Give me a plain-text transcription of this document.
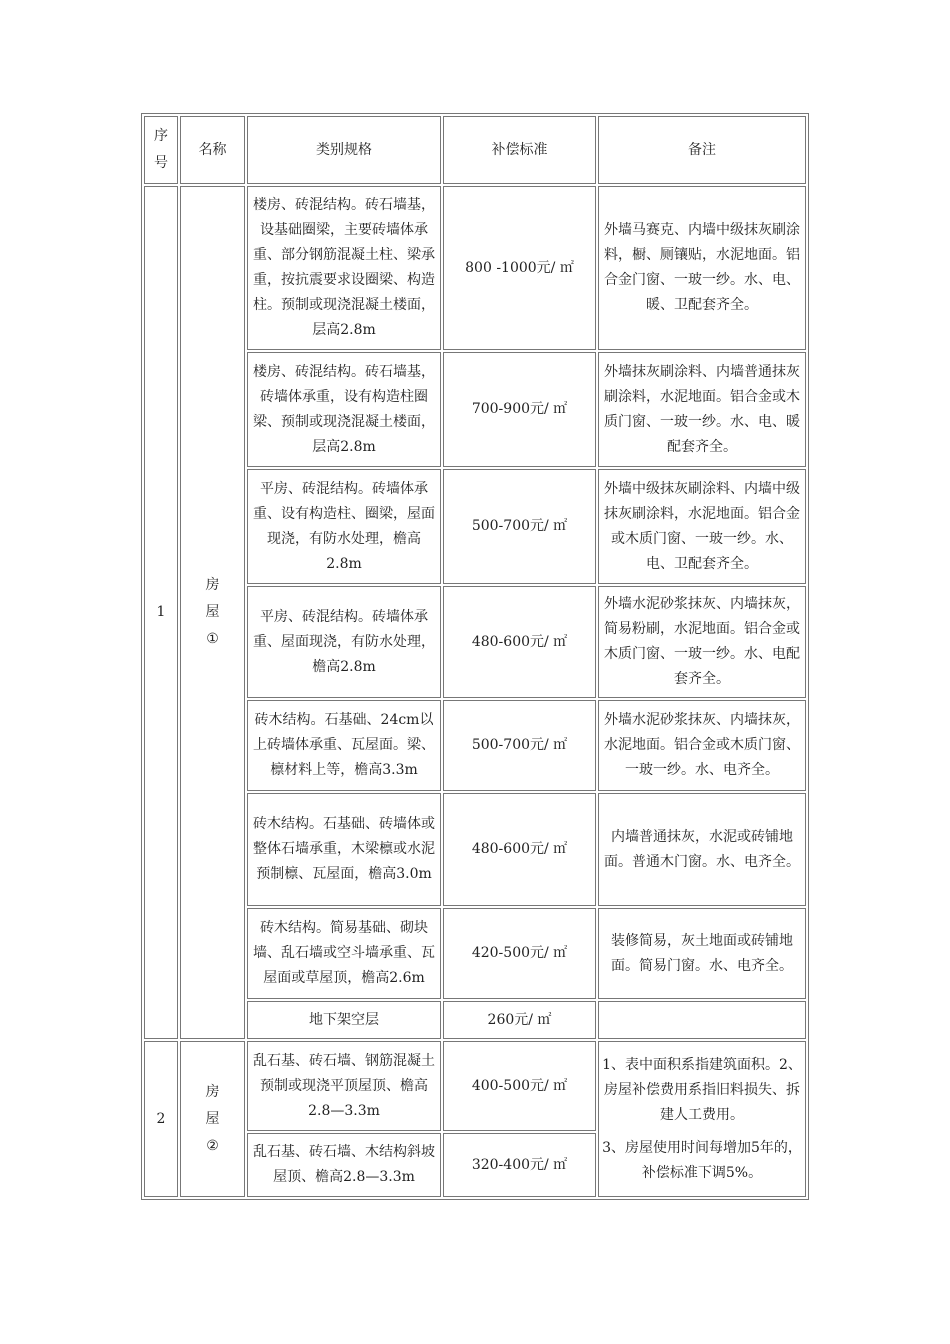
序
号	名称	类别规格	补偿标准	备注
1	房
屋
①	楼房、砖混结构。砖石墙基，设基础圈梁，主要砖墙体承重、部分钢筋混凝土柱、梁承重，按抗震要求设圈梁、构造柱。预制或现浇混凝土楼面，层高2.8m	800 -1000元/ ㎡	外墙马赛克、内墙中级抹灰刷涂料，橱、厕镶贴，水泥地面。铝合金门窗、一玻一纱。水、电、暖、卫配套齐全。
		楼房、砖混结构。砖石墙基，砖墙体承重，设有构造柱圈梁、预制或现浇混凝土楼面，层高2.8m	700-900元/ ㎡	外墙抹灰刷涂料、内墙普通抹灰刷涂料，水泥地面。铝合金或木质门窗、一玻一纱。水、电、暖配套齐全。
		平房、砖混结构。砖墙体承重、设有构造柱、圈梁，屋面现浇，有防水处理，檐高2.8m	500-700元/ ㎡	外墙中级抹灰刷涂料、内墙中级抹灰刷涂料，水泥地面。铝合金或木质门窗、一玻一纱。水、电、卫配套齐全。
		平房、砖混结构。砖墙体承重、屋面现浇，有防水处理，檐高2.8m	480-600元/ ㎡	外墙水泥砂浆抹灰、内墙抹灰，简易粉刷，水泥地面。铝合金或木质门窗、一玻一纱。水、电配套齐全。
		砖木结构。石基础、24cm以上砖墙体承重、瓦屋面。梁、檩材料上等，檐高3.3m	500-700元/ ㎡	外墙水泥砂浆抹灰、内墙抹灰，水泥地面。铝合金或木质门窗、一玻一纱。水、电齐全。
		砖木结构。石基础、砖墙体或整体石墙承重，木梁檩或水泥预制檩、瓦屋面，檐高3.0m	480-600元/ ㎡	内墙普通抹灰，水泥或砖铺地面。普通木门窗。水、电齐全。
		砖木结构。简易基础、砌块墙、乱石墙或空斗墙承重、瓦屋面或草屋顶，檐高2.6m	420-500元/ ㎡	装修简易，灰土地面或砖铺地面。简易门窗。水、电齐全。
		地下架空层	260元/ ㎡	
2	房
屋
②	乱石基、砖石墙、钢筋混凝土预制或现浇平顶屋顶、檐高2.8—3.3m	400-500元/ ㎡	1、表中面积系指建筑面积。2、房屋补偿费用系指旧料损失、拆建人工费用。
3、房屋使用时间每增加5年的，补偿标准下调5%。

		乱石基、砖石墙、木结构斜坡屋顶、檐高2.8—3.3m	320-400元/ ㎡	
